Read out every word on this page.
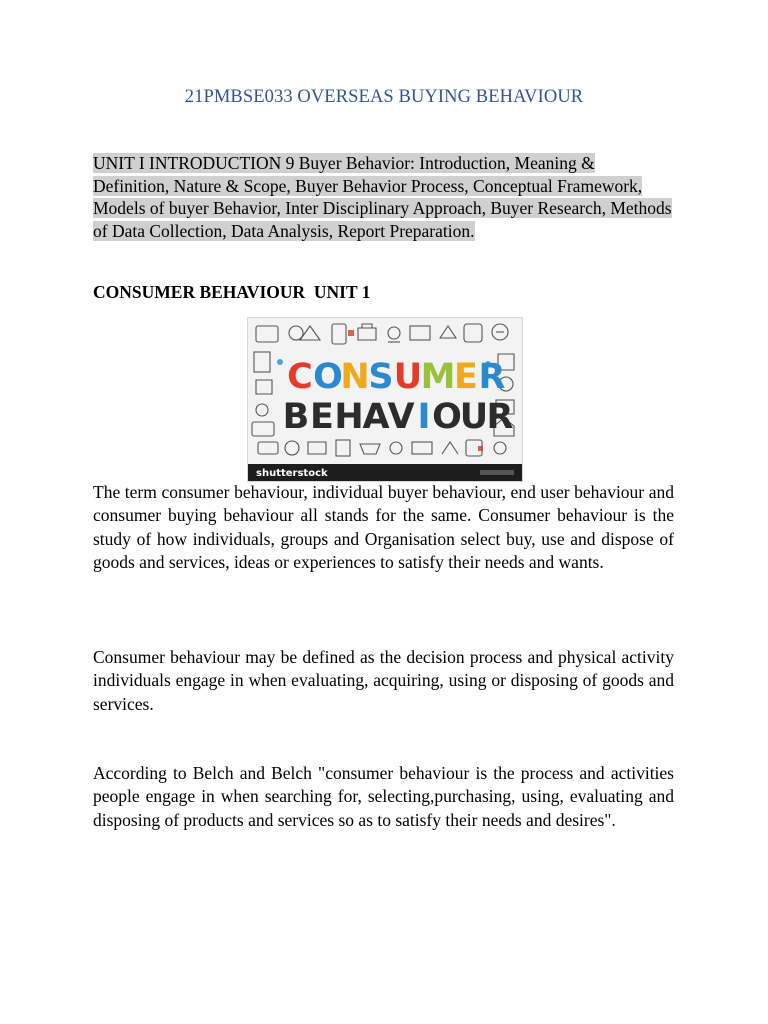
21PMBSE033 OVERSEAS BUYING BEHAVIOUR
UNIT I INTRODUCTION 9 Buyer Behavior: Introduction, Meaning & Definition, Nature & Scope, Buyer Behavior Process, Conceptual Framework, Models of buyer Behavior, Inter Disciplinary Approach, Buyer Research, Methods of Data Collection, Data Analysis, Report Preparation.
CONSUMER BEHAVIOUR  UNIT 1
C O
N
S U
M
E R
B E H
A
V I O
U
R
shutterstock
The term consumer behaviour, individual buyer behaviour, end user behaviour and consumer buying behaviour all stands for the same. Consumer behaviour is the study of how individuals, groups and Organisation select buy, use and dispose of goods and services, ideas or experiences to satisfy their needs and wants.
Consumer behaviour may be defined as the decision process and physical activity individuals engage in when evaluating, acquiring, using or disposing of goods and services.
According to Belch and Belch "consumer behaviour is the process and activities people engage in when searching for, selecting,purchasing, using, evaluating and disposing of products and services so as to satisfy their needs and desires".
